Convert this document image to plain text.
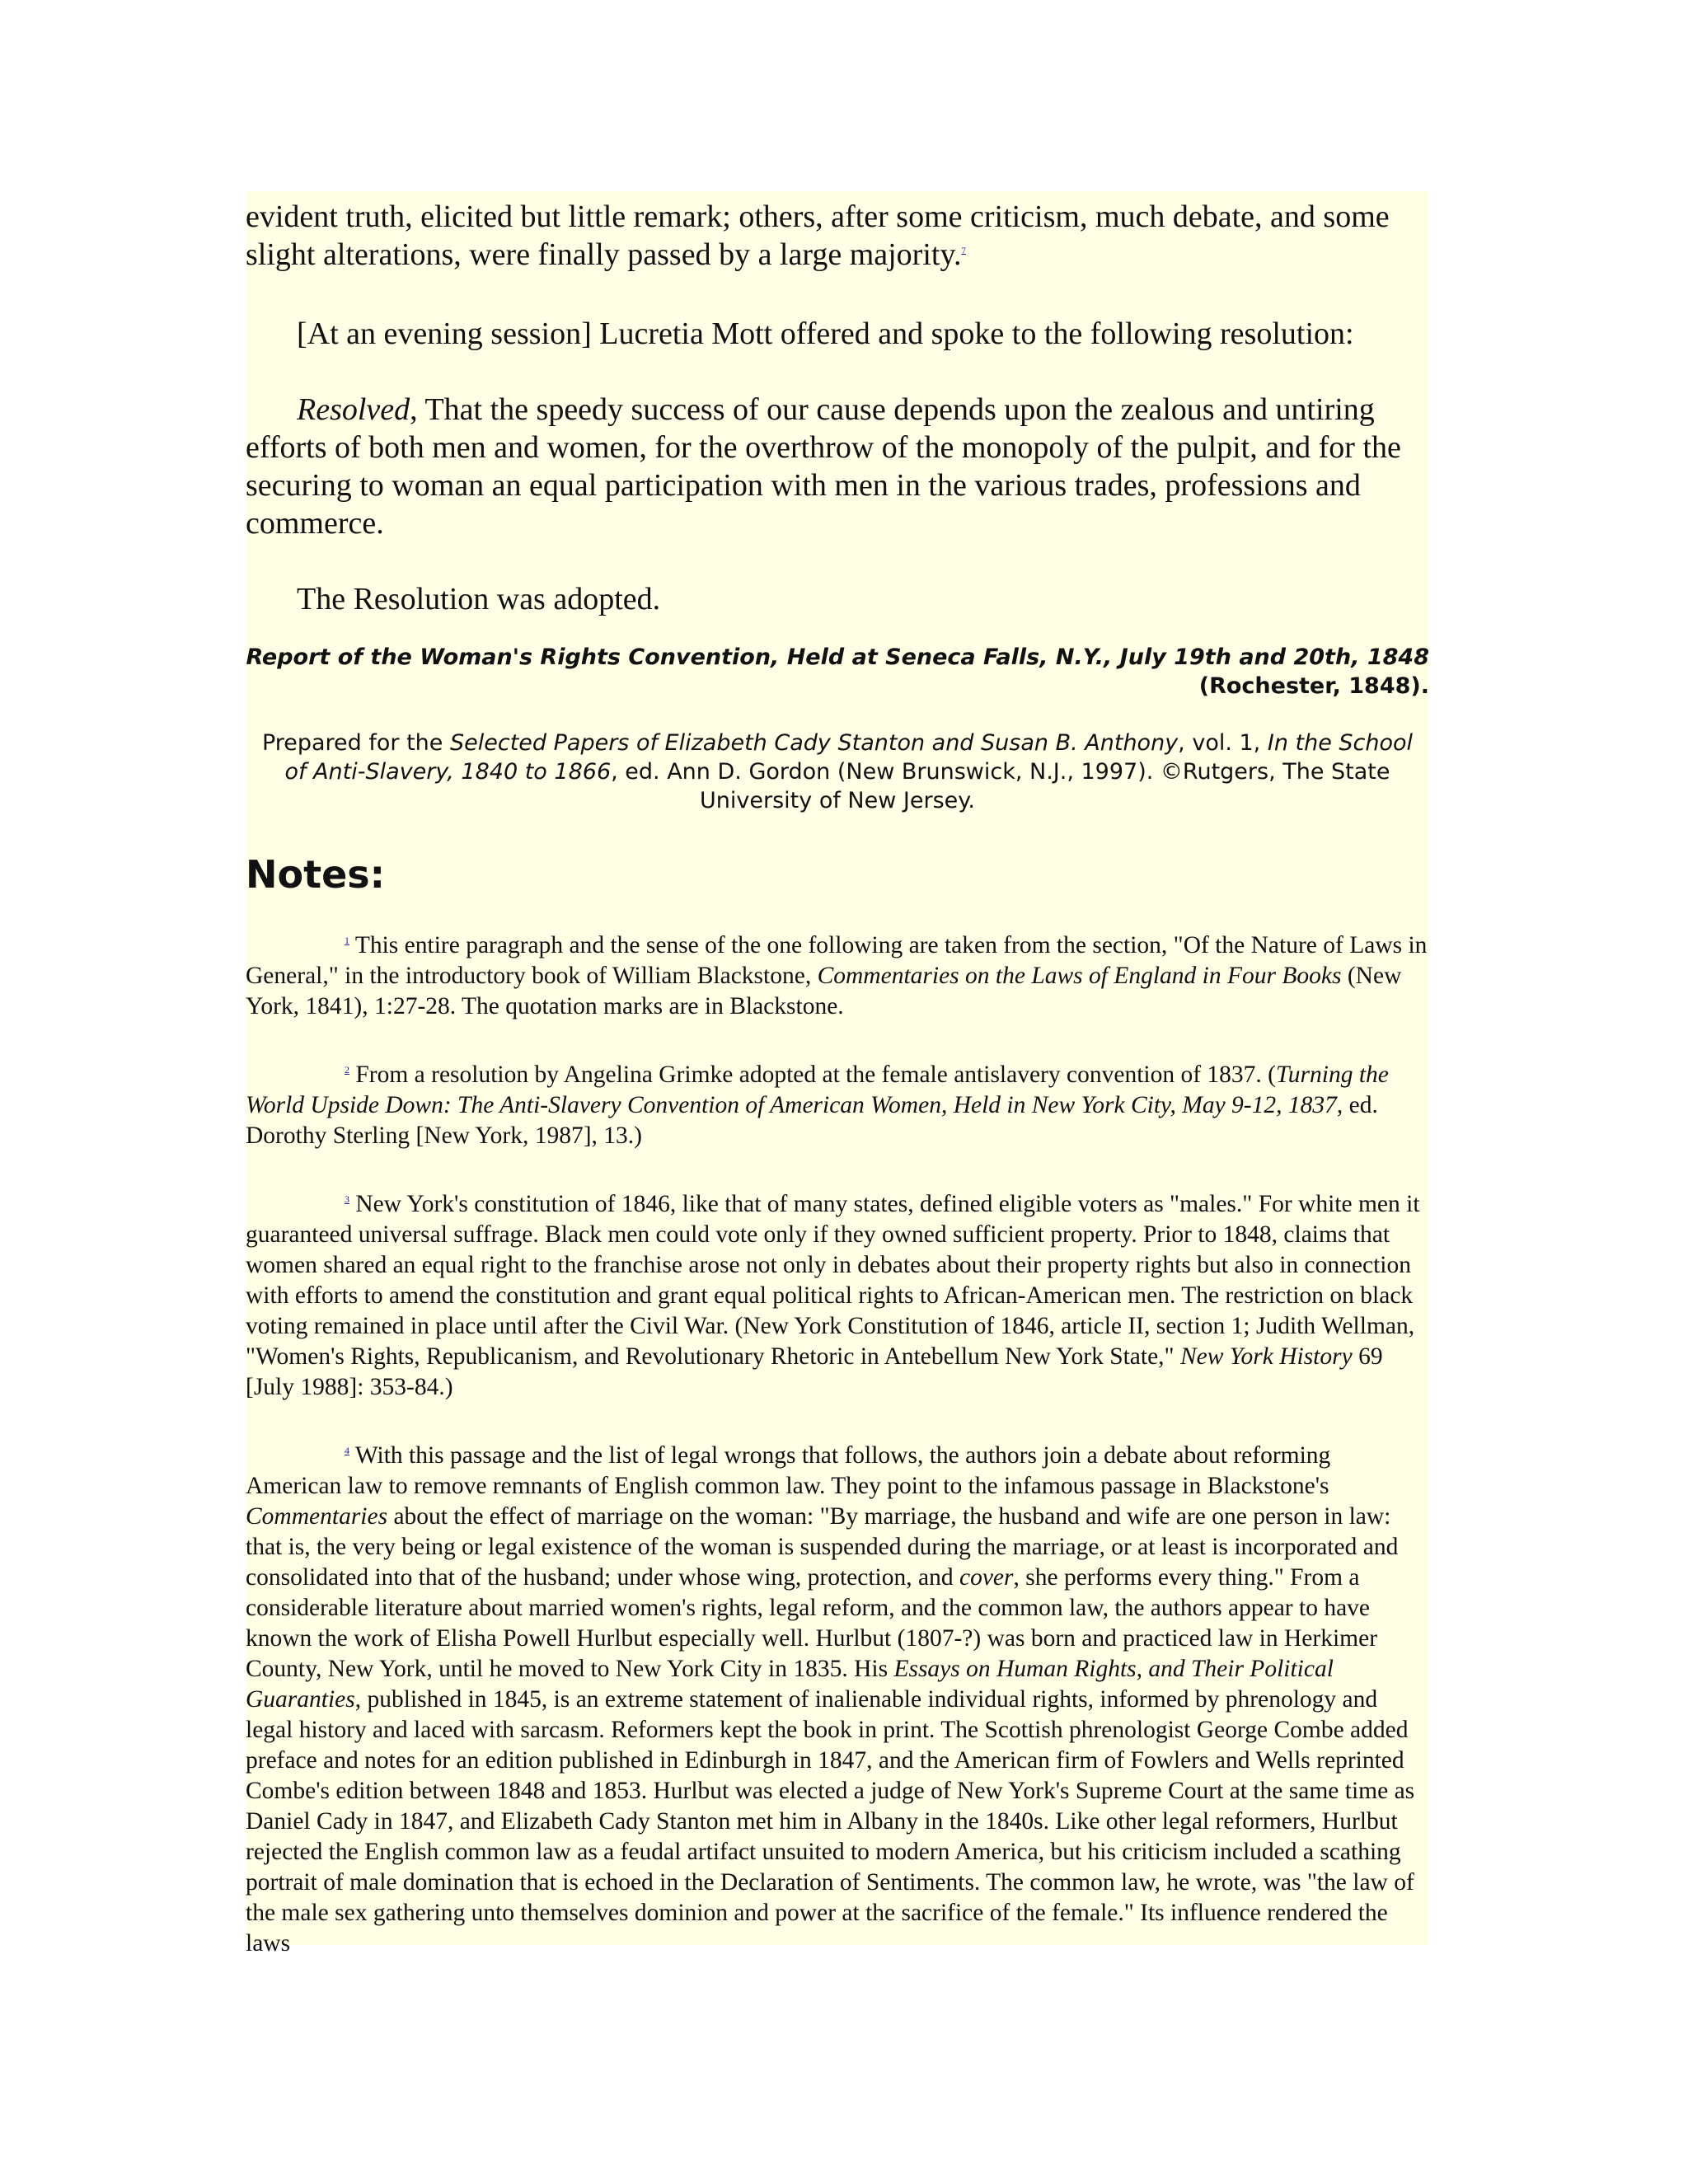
evident truth, elicited but little remark; others, after some criticism, much debate, and some slight alterations, were finally passed by a large majority.$^7$

[At an evening session] Lucretia Mott offered and spoke to the following resolution:

Resolved, That the speedy success of our cause depends upon the zealous and untiring efforts of both men and women, for the overthrow of the monopoly of the pulpit, and for the securing to woman an equal participation with men in the various trades, professions and commerce.

The Resolution was adopted.

Report of the Woman's Rights Convention, Held at Seneca Falls, N.Y., July 19th and 20th, 1848
(Rochester, 1848).
Prepared for the Selected Papers of Elizabeth Cady Stanton and Susan B. Anthony, vol. 1, In the School of Anti-Slavery, 1840 to 1866, ed. Ann D. Gordon (New Brunswick, N.J., 1997). ©Rutgers, The State University of New Jersey.
Notes:

$^1$ This entire paragraph and the sense of the one following are taken from the section, "Of the Nature of Laws in General," in the introductory book of William Blackstone, Commentaries on the Laws of England in Four Books (New York, 1841), 1:27-28. The quotation marks are in Blackstone.

$^2$ From a resolution by Angelina Grimke adopted at the female antislavery convention of 1837. (Turning the World Upside Down: The Anti-Slavery Convention of American Women, Held in New York City, May 9-12, 1837, ed. Dorothy Sterling [New York, 1987], 13.)

$^3$ New York's constitution of 1846, like that of many states, defined eligible voters as "males." For white men it guaranteed universal suffrage. Black men could vote only if they owned sufficient property. Prior to 1848, claims that women shared an equal right to the franchise arose not only in debates about their property rights but also in connection with efforts to amend the constitution and grant equal political rights to African-American men. The restriction on black voting remained in place until after the Civil War. (New York Constitution of 1846, article II, section 1; Judith Wellman, "Women's Rights, Republicanism, and Revolutionary Rhetoric in Antebellum New York State," New York History 69 [July 1988]: 353-84.)

$^4$ With this passage and the list of legal wrongs that follows, the authors join a debate about reforming American law to remove remnants of English common law. They point to the infamous passage in Blackstone's Commentaries about the effect of marriage on the woman: "By marriage, the husband and wife are one person in law: that is, the very being or legal existence of the woman is suspended during the marriage, or at least is incorporated and consolidated into that of the husband; under whose wing, protection, and cover, she performs every thing." From a considerable literature about married women's rights, legal reform, and the common law, the authors appear to have known the work of Elisha Powell Hurlbut especially well. Hurlbut (1807-?) was born and practiced law in Herkimer County, New York, until he moved to New York City in 1835. His Essays on Human Rights, and Their Political Guaranties, published in 1845, is an extreme statement of inalienable individual rights, informed by phrenology and legal history and laced with sarcasm. Reformers kept the book in print. The Scottish phrenologist George Combe added preface and notes for an edition published in Edinburgh in 1847, and the American firm of Fowlers and Wells reprinted Combe's edition between 1848 and 1853. Hurlbut was elected a judge of New York's Supreme Court at the same time as Daniel Cady in 1847, and Elizabeth Cady Stanton met him in Albany in the 1840s. Like other legal reformers, Hurlbut rejected the English common law as a feudal artifact unsuited to modern America, but his criticism included a scathing portrait of male domination that is echoed in the Declaration of Sentiments. The common law, he wrote, was "the law of the male sex gathering unto themselves dominion and power at the sacrifice of the female." Its influence rendered the laws
